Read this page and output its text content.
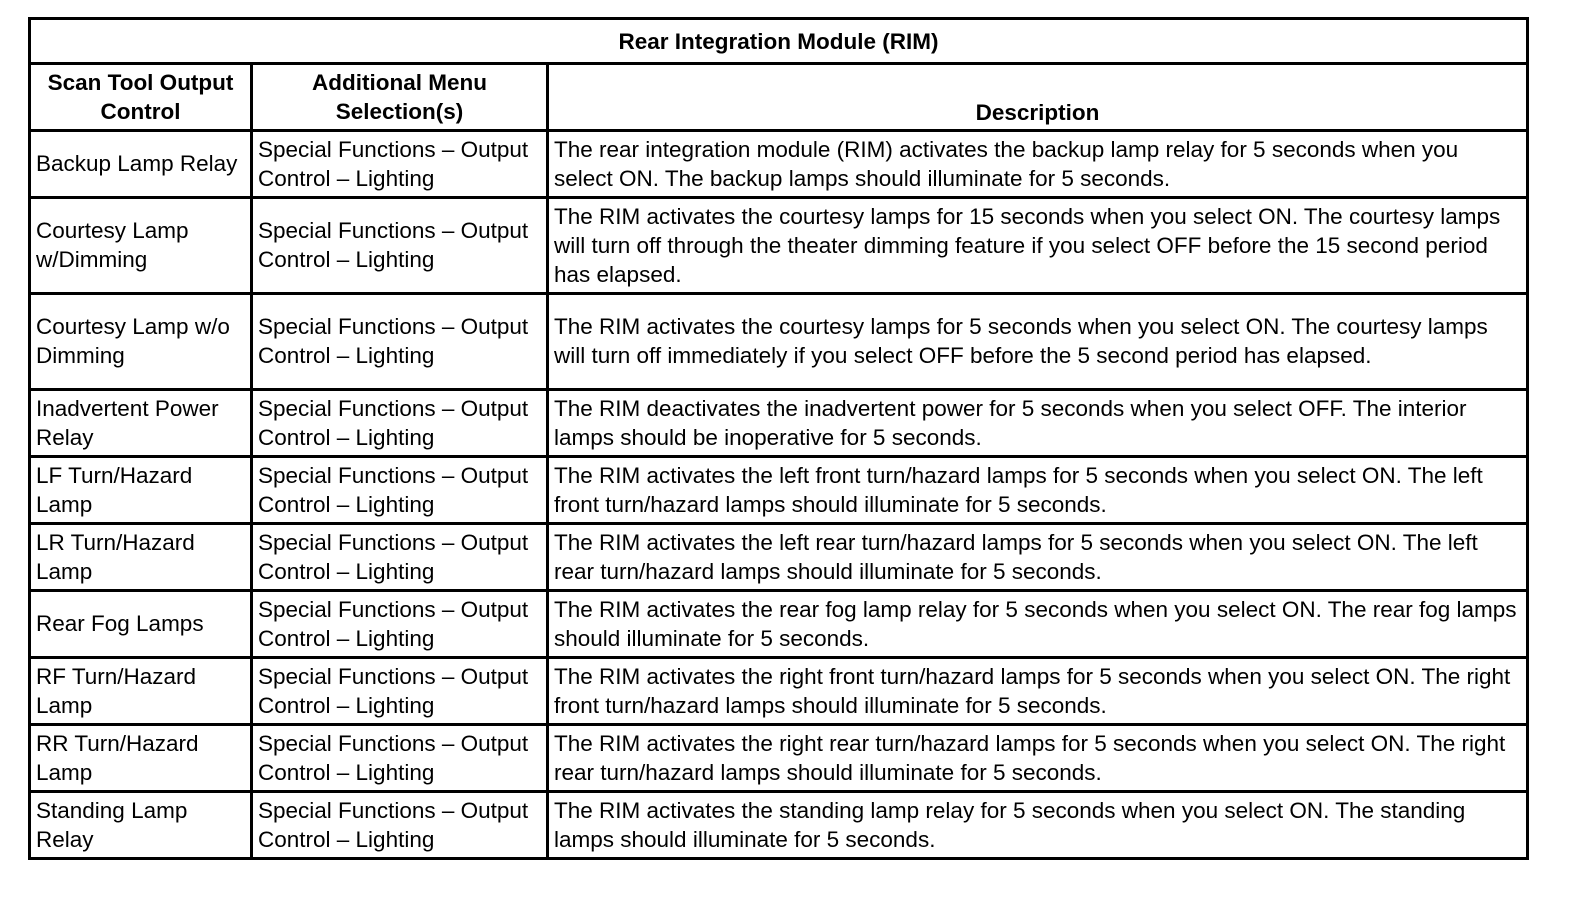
Rear Integration Module (RIM)		
Scan Tool Output Control	Additional Menu Selection(s)	Description
Backup Lamp Relay	Special Functions – Output Control – Lighting	The rear integration module (RIM) activates the backup lamp relay for 5 seconds when you select ON. The backup lamps should illuminate for 5 seconds.
Courtesy Lamp w/Dimming	Special Functions – Output Control – Lighting	The RIM activates the courtesy lamps for 15 seconds when you select ON. The courtesy lamps will turn off through the theater dimming feature if you select OFF before the 15 second period has elapsed.
Courtesy Lamp w/o Dimming	Special Functions – Output Control – Lighting	The RIM activates the courtesy lamps for 5 seconds when you select ON. The courtesy lamps will turn off immediately if you select OFF before the 5 second period has elapsed.
Inadvertent Power Relay	Special Functions – Output Control – Lighting	The RIM deactivates the inadvertent power for 5 seconds when you select OFF. The interior lamps should be inoperative for 5 seconds.
LF Turn/Hazard Lamp	Special Functions – Output Control – Lighting	The RIM activates the left front turn/hazard lamps for 5 seconds when you select ON. The left front turn/hazard lamps should illuminate for 5 seconds.
LR Turn/Hazard Lamp	Special Functions – Output Control – Lighting	The RIM activates the left rear turn/hazard lamps for 5 seconds when you select ON. The left rear turn/hazard lamps should illuminate for 5 seconds.
Rear Fog Lamps	Special Functions – Output Control – Lighting	The RIM activates the rear fog lamp relay for 5 seconds when you select ON. The rear fog lamps should illuminate for 5 seconds.
RF Turn/Hazard Lamp	Special Functions – Output Control – Lighting	The RIM activates the right front turn/hazard lamps for 5 seconds when you select ON. The right front turn/hazard lamps should illuminate for 5 seconds.
RR Turn/Hazard Lamp	Special Functions – Output Control – Lighting	The RIM activates the right rear turn/hazard lamps for 5 seconds when you select ON. The right rear turn/hazard lamps should illuminate for 5 seconds.
Standing Lamp Relay	Special Functions – Output Control – Lighting	The RIM activates the standing lamp relay for 5 seconds when you select ON. The standing lamps should illuminate for 5 seconds.
